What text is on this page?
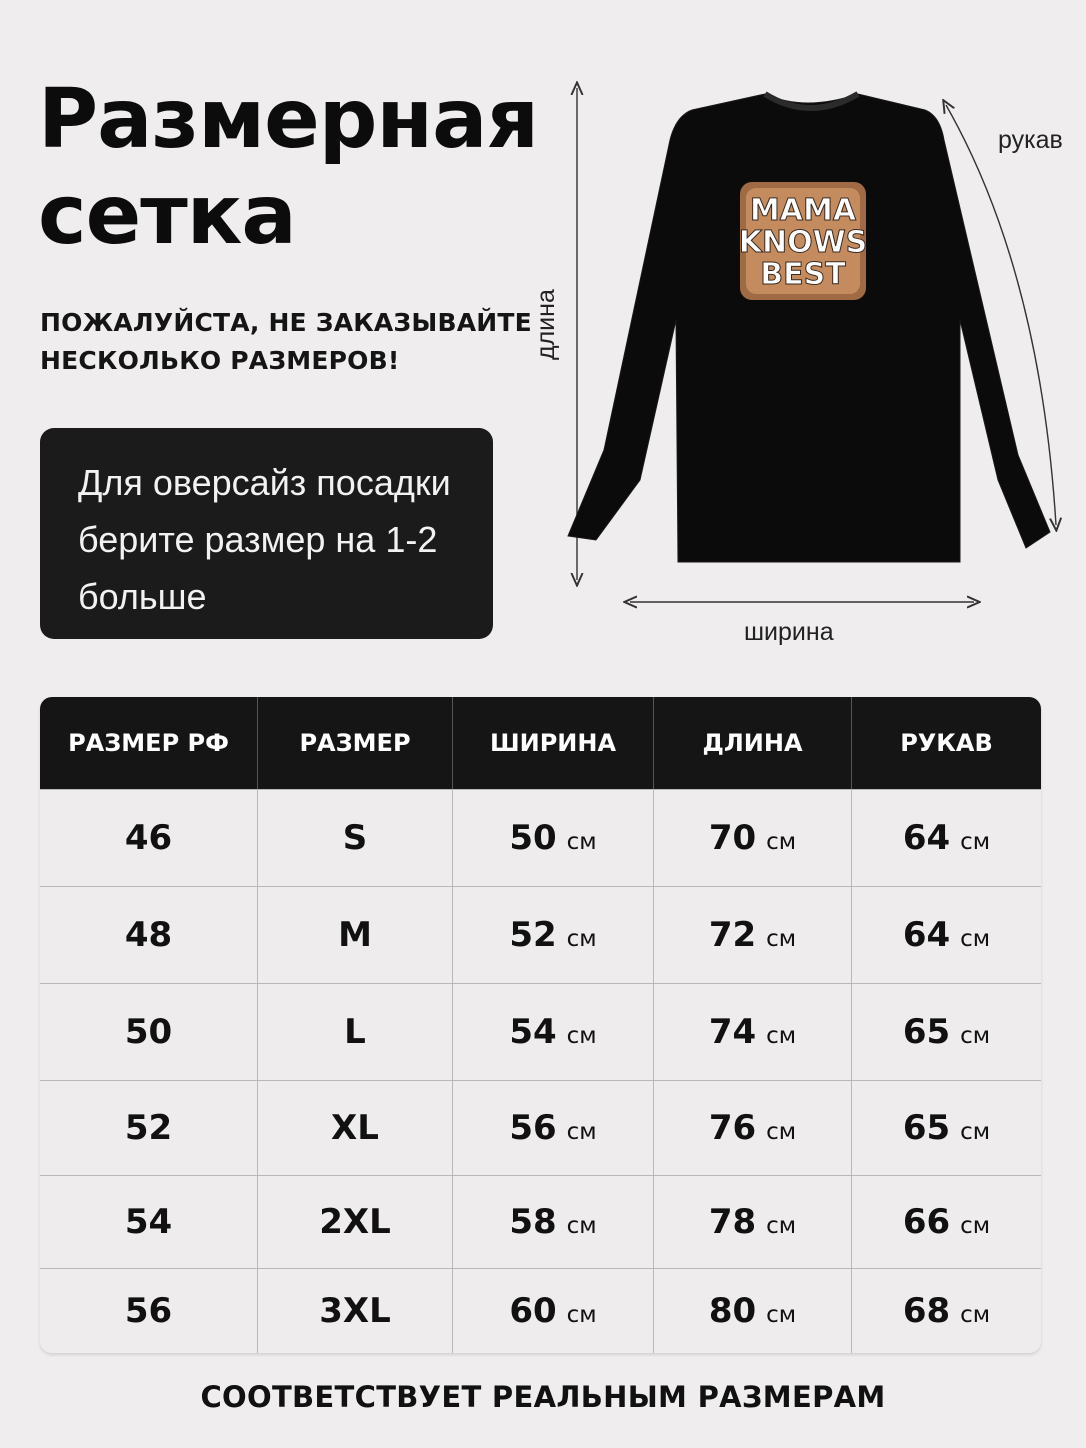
Размерная
сетка
ПОЖАЛУЙСТА, НЕ ЗАКАЗЫВАЙТЕ
НЕСКОЛЬКО РАЗМЕРОВ!
Для оверсайз посадки
берите размер на 1-2
больше
MAMA
KNOWS
BEST
рукав
ширина
длина
РАЗМЕР РФ	РАЗМЕР	ШИРИНА	ДЛИНА	РУКАВ
46	S	50 см	70 см	64 см
48	M	52 см	72 см	64 см
50	L	54 см	74 см	65 см
52	XL	56 см	76 см	65 см
54	2XL	58 см	78 см	66 см
56	3XL	60 см	80 см	68 см
СООТВЕТСТВУЕТ РЕАЛЬНЫМ РАЗМЕРАМ
